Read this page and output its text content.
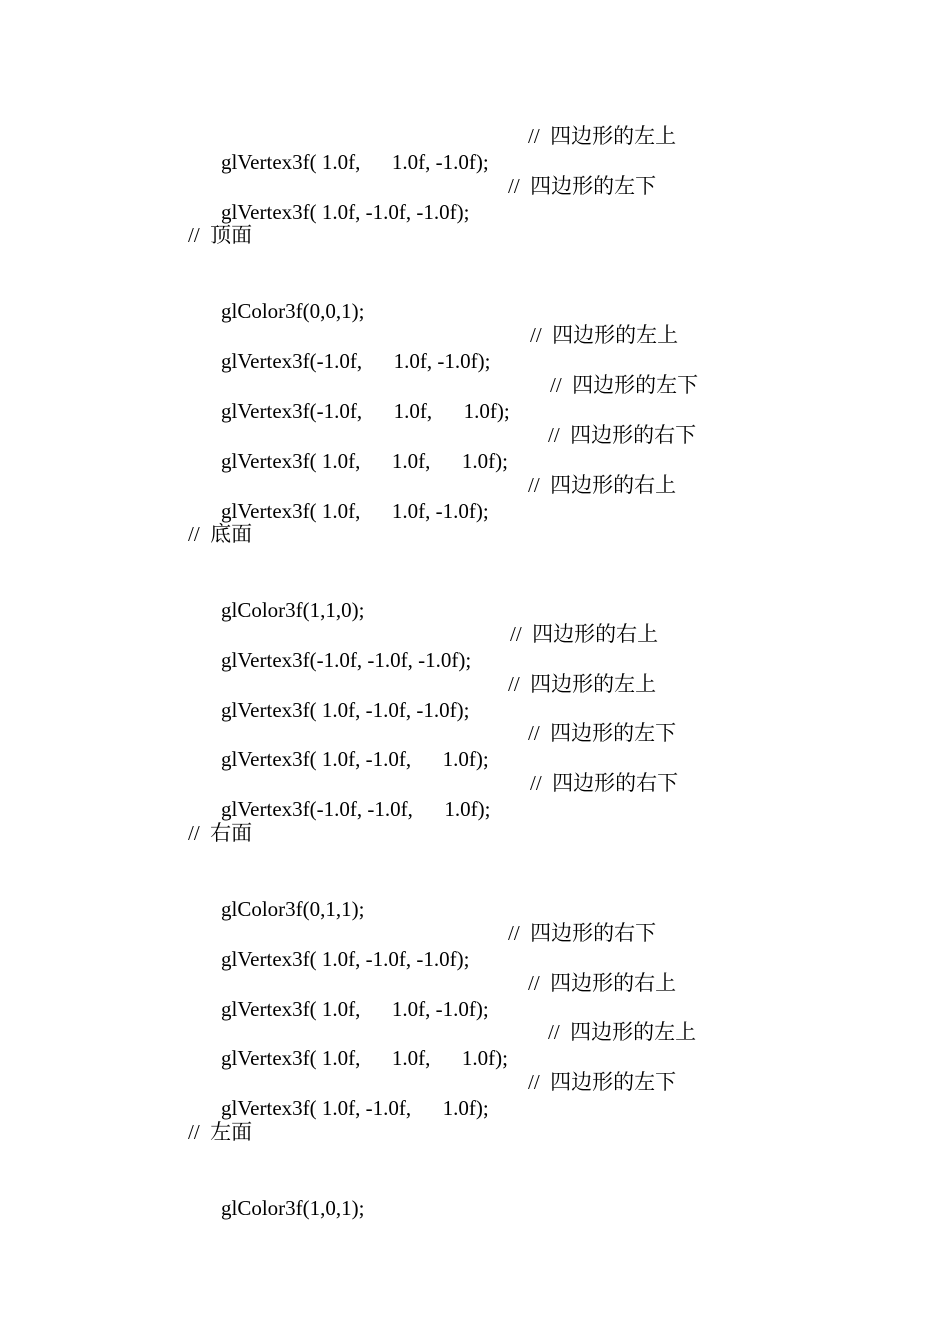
glVertex3f( 1.0f,      1.0f, -1.0f);

//  四边形的左上

glVertex3f( 1.0f, -1.0f, -1.0f);

//  四边形的左下

//  顶面

glColor3f(0,0,1);

glVertex3f(-1.0f,      1.0f, -1.0f);

//  四边形的左上

glVertex3f(-1.0f,      1.0f,      1.0f);

//  四边形的左下

glVertex3f( 1.0f,      1.0f,      1.0f);

//  四边形的右下

glVertex3f( 1.0f,      1.0f, -1.0f);

//  四边形的右上

//  底面

glColor3f(1,1,0);

glVertex3f(-1.0f, -1.0f, -1.0f);

//  四边形的右上

glVertex3f( 1.0f, -1.0f, -1.0f);

//  四边形的左上

glVertex3f( 1.0f, -1.0f,      1.0f);

//  四边形的左下

glVertex3f(-1.0f, -1.0f,      1.0f);

//  四边形的右下

//  右面

glColor3f(0,1,1);

glVertex3f( 1.0f, -1.0f, -1.0f);

//  四边形的右下

glVertex3f( 1.0f,      1.0f, -1.0f);

//  四边形的右上

glVertex3f( 1.0f,      1.0f,      1.0f);

//  四边形的左上

glVertex3f( 1.0f, -1.0f,      1.0f);

//  四边形的左下

//  左面

glColor3f(1,0,1);
